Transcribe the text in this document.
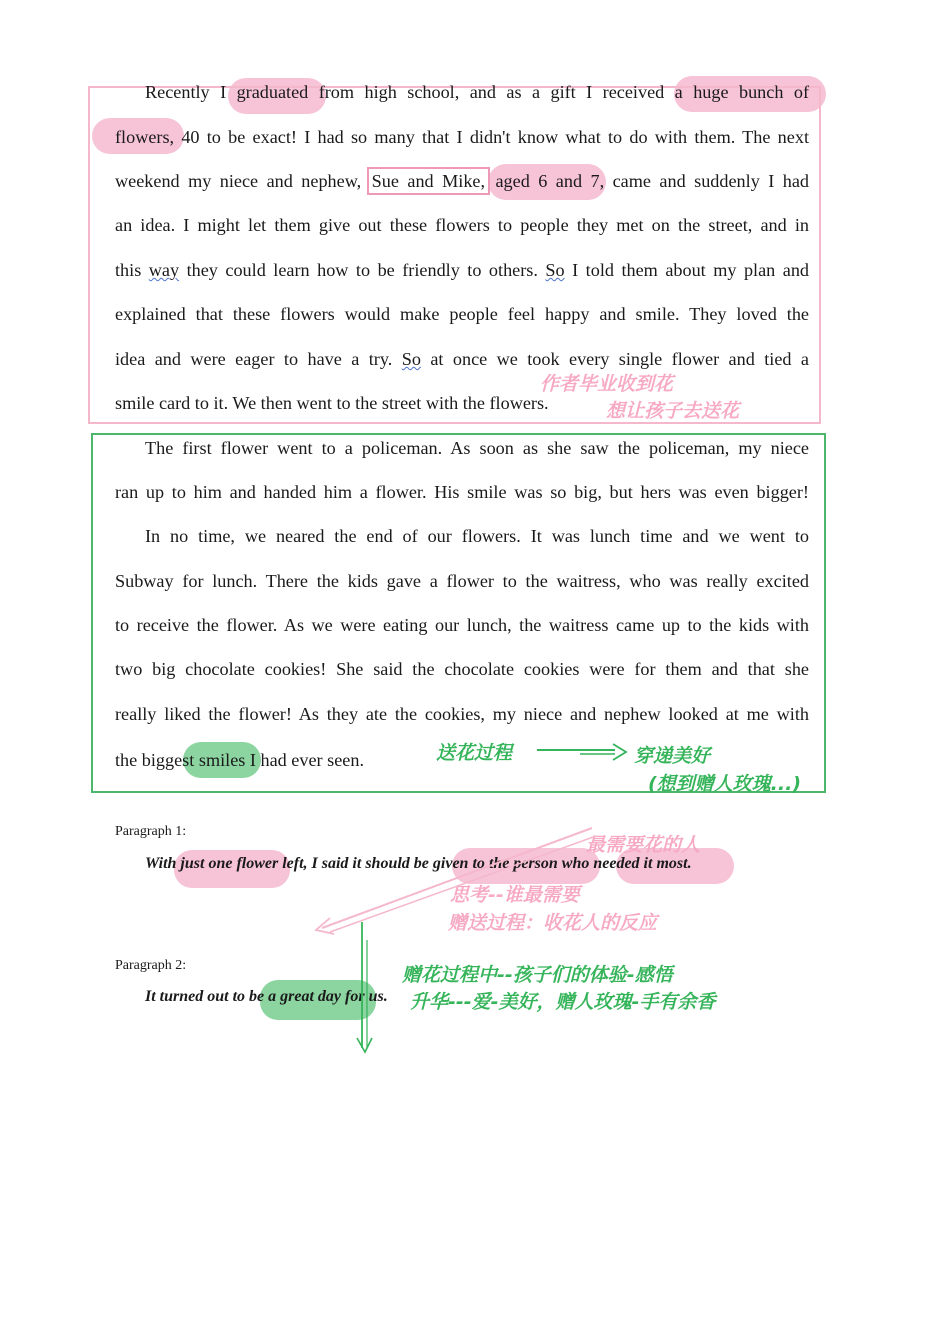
Recently I graduated from high school, and as a gift I received a huge bunch of
flowers, 40 to be exact! I had so many that I didn't know what to do with them. The next
weekend my niece and nephew, Sue and Mike, aged 6 and 7, came and suddenly I had
an idea. I might let them give out these flowers to people they met on the street, and in
this way they could learn how to be friendly to others. So I told them about my plan and
explained that these flowers would make people feel happy and smile. They loved the
idea and were eager to have a try. So at once we took every single flower and tied a
smile card to it. We then went to the street with the flowers.
作者毕业收到花
想让孩子去送花
The first flower went to a policeman. As soon as she saw the policeman, my niece
ran up to him and handed him a flower. His smile was so big, but hers was even bigger!
In no time, we neared the end of our flowers. It was lunch time and we went to
Subway for lunch. There the kids gave a flower to the waitress, who was really excited
to receive the flower. As we were eating our lunch, the waitress came up to the kids with
two big chocolate cookies! She said the chocolate cookies were for them and that she
really liked the flower! As they ate the cookies, my niece and nephew looked at me with
the biggest smiles I had ever seen.	送花过程	穿递美好
(想到赠人玫瑰...)
Paragraph 1:
With just one flower left, I said it should be given to the person who needed it most.
最需要花的人
思考--谁最需要
赠送过程：收花人的反应
Paragraph 2:
It turned out to be a great day for us.
赠花过程中--孩子们的体验-感悟
升华---爱-美好，赠人玫瑰-手有余香
